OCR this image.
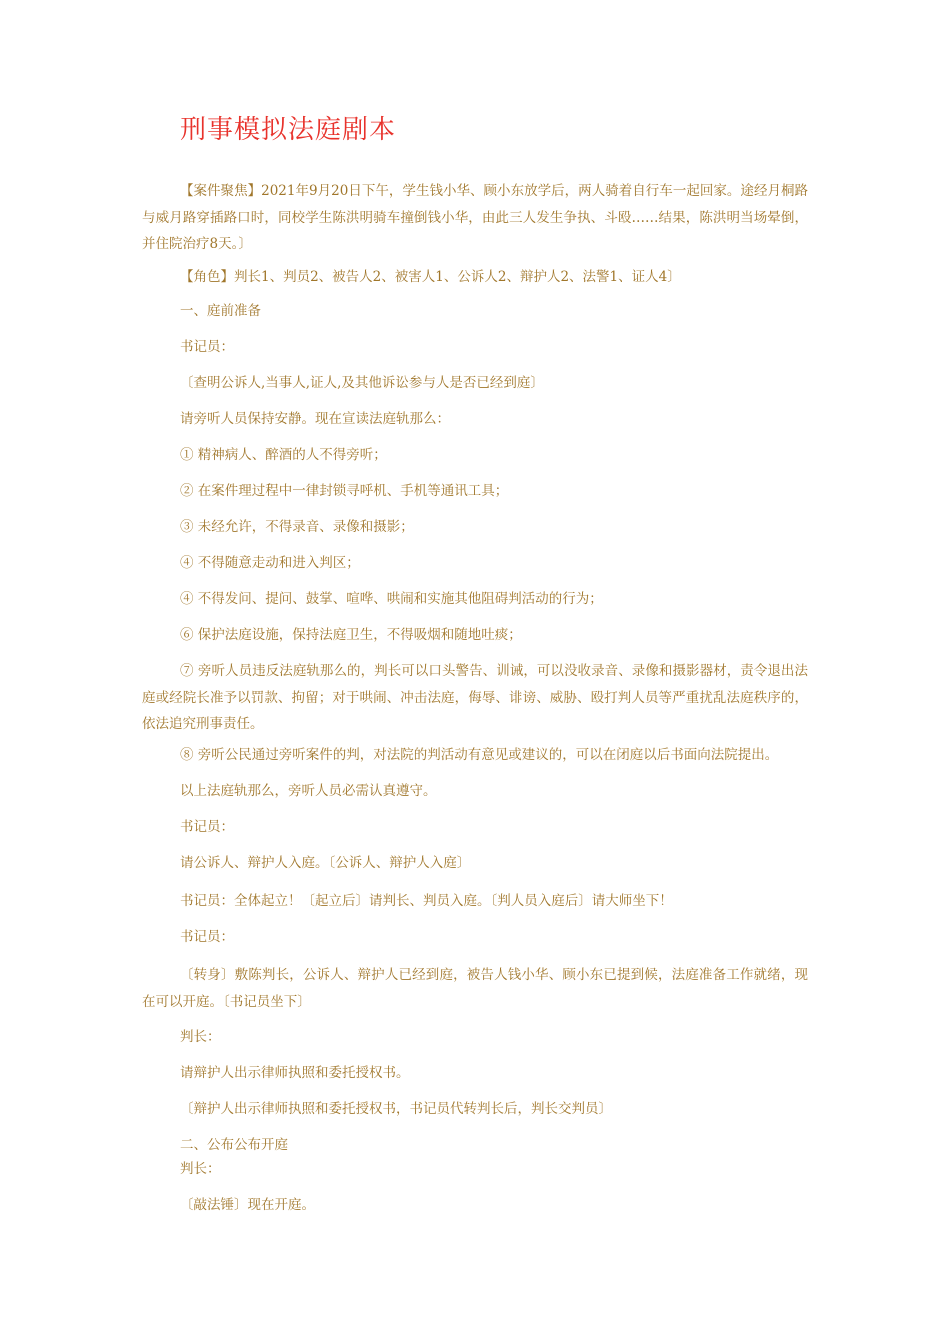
刑事模拟法庭剧本
【案件聚焦】2021年9月20日下午，学生钱小华、顾小东放学后，两人骑着自行车一起回家。途经月桐路与威月路穿插路口时，同校学生陈洪明骑车撞倒钱小华，由此三人发生争执、斗殴……结果，陈洪明当场晕倒，并住院治疗8天。〕
【角色】判长1、判员2、被告人2、被害人1、公诉人2、辩护人2、法警1、证人4〕
一、庭前准备
书记员：
〔查明公诉人,当事人,证人,及其他诉讼参与人是否已经到庭〕
请旁听人员保持安静。现在宣读法庭轨那么：
① 精神病人、醉酒的人不得旁听；
② 在案件理过程中一律封锁寻呼机、手机等通讯工具；
③ 未经允许，不得录音、录像和摄影；
④ 不得随意走动和进入判区；
④ 不得发问、提问、鼓掌、喧哗、哄闹和实施其他阻碍判活动的行为；
⑥ 保护法庭设施，保持法庭卫生，不得吸烟和随地吐痰；
⑦ 旁听人员违反法庭轨那么的，判长可以口头警告、训诫，可以没收录音、录像和摄影器材，责令退出法庭或经院长准予以罚款、拘留；对于哄闹、冲击法庭，侮辱、诽谤、威胁、殴打判人员等严重扰乱法庭秩序的，依法追究刑事责任。
⑧ 旁听公民通过旁听案件的判，对法院的判活动有意见或建议的，可以在闭庭以后书面向法院提出。
以上法庭轨那么，旁听人员必需认真遵守。
书记员：
请公诉人、辩护人入庭。〔公诉人、辩护人入庭〕
书记员：全体起立！〔起立后〕请判长、判员入庭。〔判人员入庭后〕请大师坐下！
书记员：
〔转身〕敷陈判长，公诉人、辩护人已经到庭，被告人钱小华、顾小东已提到候，法庭准备工作就绪，现在可以开庭。〔书记员坐下〕
判长：
请辩护人出示律师执照和委托授权书。
〔辩护人出示律师执照和委托授权书，书记员代转判长后，判长交判员〕
二、公布公布开庭
判长：
〔敲法锤〕现在开庭。
